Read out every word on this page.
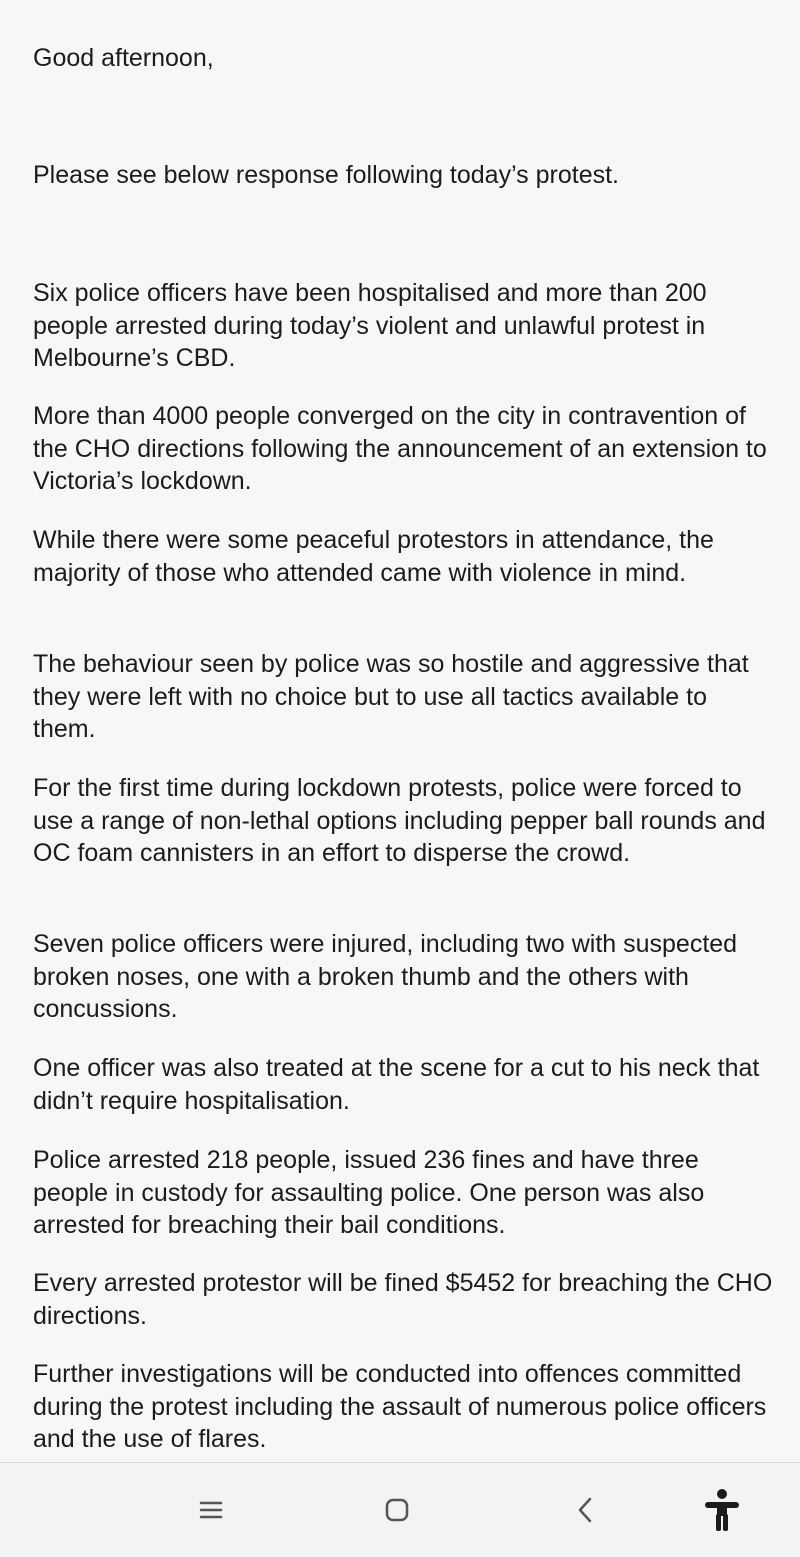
Good afternoon,

Please see below response following today’s protest.

Six police officers have been hospitalised and more than 200 people arrested during today’s violent and unlawful protest in Melbourne’s CBD.

More than 4000 people converged on the city in contravention of the CHO directions following the announcement of an extension to Victoria’s lockdown.

While there were some peaceful protestors in attendance, the majority of those who attended came with violence in mind.

The behaviour seen by police was so hostile and aggressive that they were left with no choice but to use all tactics available to them.

For the first time during lockdown protests, police were forced to use a range of non-lethal options including pepper ball rounds and OC foam cannisters in an effort to disperse the crowd.

Seven police officers were injured, including two with suspected broken noses, one with a broken thumb and the others with concussions.

One officer was also treated at the scene for a cut to his neck that didn’t require hospitalisation.

Police arrested 218 people, issued 236 fines and have three people in custody for assaulting police. One person was also arrested for breaching their bail conditions.

Every arrested protestor will be fined $5452 for breaching the CHO directions.

Further investigations will be conducted into offences committed during the protest including the assault of numerous police officers and the use of flares.
